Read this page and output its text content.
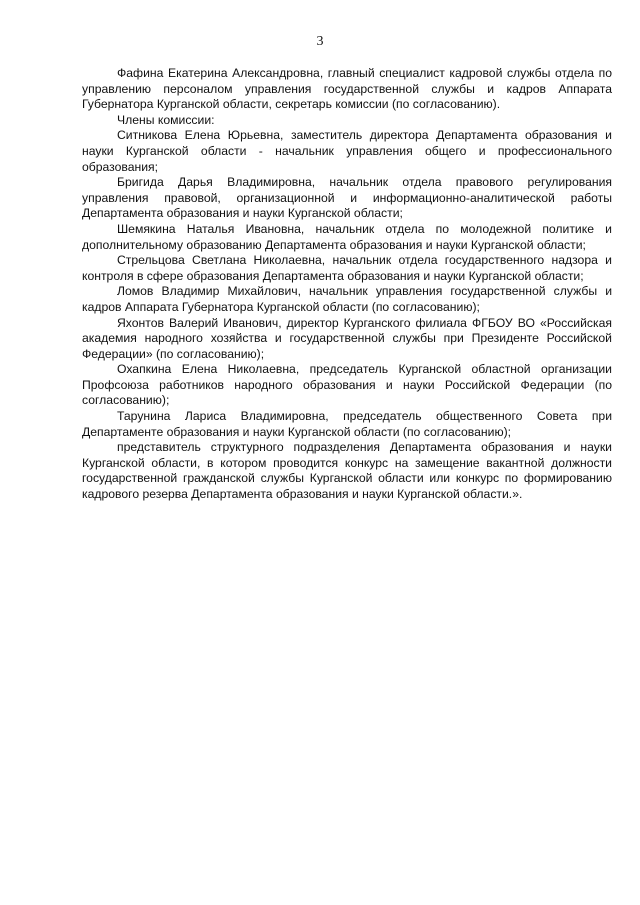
3

Фафина Екатерина Александровна, главный специалист кадровой службы отдела по управлению персоналом управления государственной службы и кадров Аппарата Губернатора Курганской области, секретарь комиссии (по согласованию).

Члены комиссии:

Ситникова Елена Юрьевна, заместитель директора Департамента образования и науки Курганской области - начальник управления общего и профессионального образования;

Бригида Дарья Владимировна, начальник отдела правового регулирования управления правовой, организационной и информационно-аналитической работы Департамента образования и науки Курганской области;

Шемякина Наталья Ивановна, начальник отдела по молодежной политике и дополнительному образованию Департамента образования и науки Курганской области;

Стрельцова Светлана Николаевна, начальник отдела государственного надзора и контроля в сфере образования Департамента образования и науки Курганской области;

Ломов Владимир Михайлович, начальник управления государственной службы и кадров Аппарата Губернатора Курганской области (по согласованию);

Яхонтов Валерий Иванович, директор Курганского филиала ФГБОУ ВО «Российская академия народного хозяйства и государственной службы при Президенте Российской Федерации» (по согласованию);

Охапкина Елена Николаевна, председатель Курганской областной организации Профсоюза работников народного образования и науки Российской Федерации (по согласованию);

Тарунина Лариса Владимировна, председатель общественного Совета при Департаменте образования и науки Курганской области (по согласованию);

представитель структурного подразделения Департамента образования и науки Курганской области, в котором проводится конкурс на замещение вакантной должности государственной гражданской службы Курганской области или конкурс по формированию кадрового резерва Департамента образования и науки Курганской области.».
